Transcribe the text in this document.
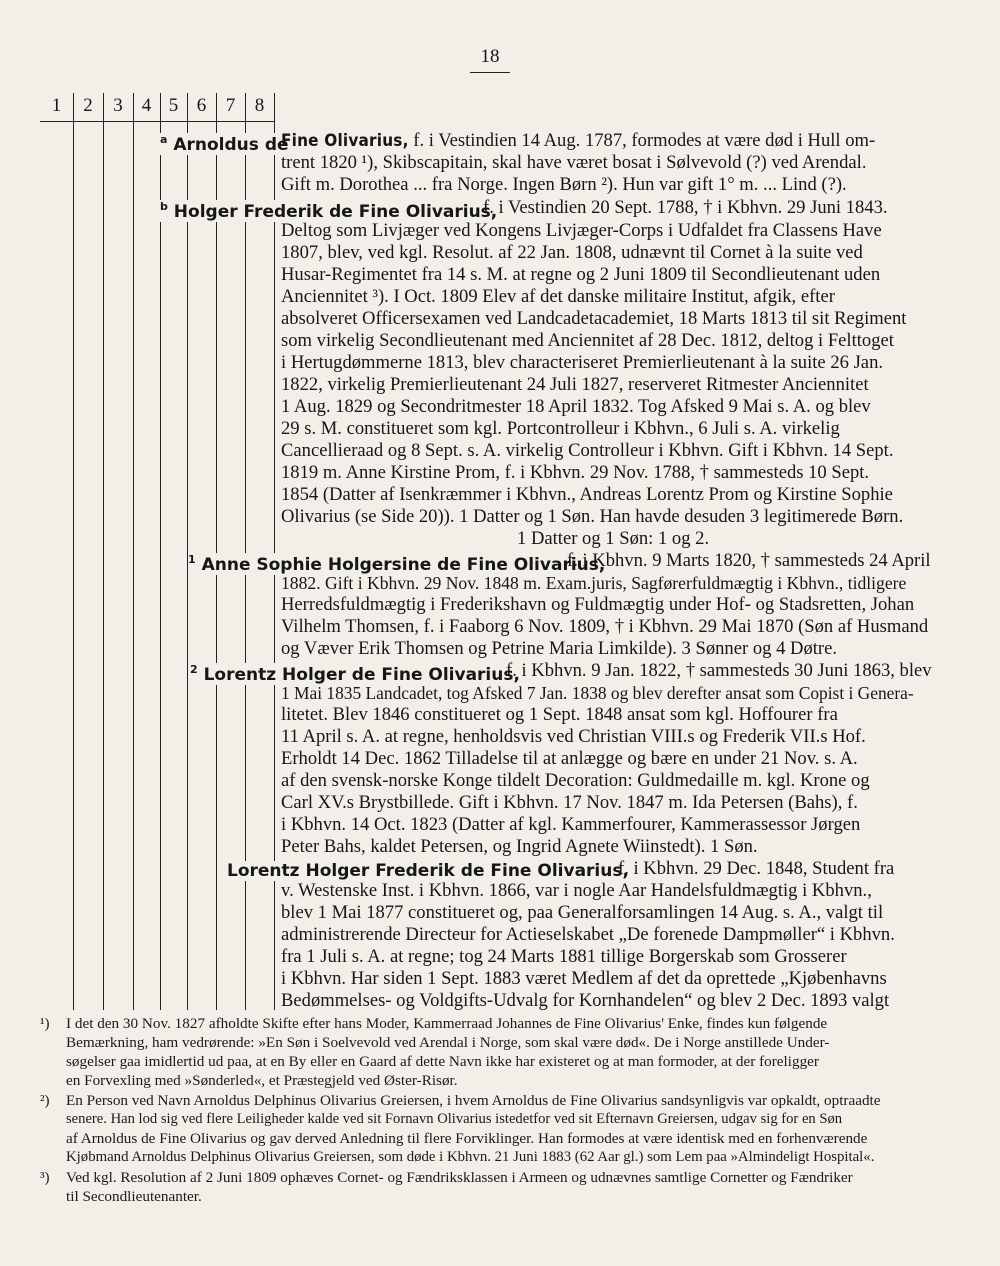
18
1	2	3	4 5 6	7	8
$^a$ Arnoldus de
Fine Olivarius, f. i Vestindien 14 Aug. 1787, formodes at være død i Hull om-
trent 1820 ¹), Skibscapitain, skal have været bosat i Sølvevold (?) ved Arendal.
Gift m. Dorothea ... fra Norge. Ingen Børn ²). Hun var gift 1° m. ... Lind (?).
$^b$ Holger Frederik de Fine Olivarius,
f. i Vestindien 20 Sept. 1788, † i Kbhvn. 29 Juni 1843.
Deltog som Livjæger ved Kongens Livjæger-Corps i Udfaldet fra Classens Have
1807, blev, ved kgl. Resolut. af 22 Jan. 1808, udnævnt til Cornet à la suite ved
Husar-Regimentet fra 14 s. M. at regne og 2 Juni 1809 til Secondlieutenant uden
Anciennitet ³). I Oct. 1809 Elev af det danske militaire Institut, afgik, efter
absolveret Officersexamen ved Landcadetacademiet, 18 Marts 1813 til sit Regiment
som virkelig Secondlieutenant med Anciennitet af 28 Dec. 1812, deltog i Felttoget
i Hertugdømmerne 1813, blev characteriseret Premierlieutenant à la suite 26 Jan.
1822, virkelig Premierlieutenant 24 Juli 1827, reserveret Ritmester Anciennitet
1 Aug. 1829 og Secondritmester 18 April 1832. Tog Afsked 9 Mai s. A. og blev
29 s. M. constitueret som kgl. Portcontrolleur i Kbhvn., 6 Juli s. A. virkelig
Cancellieraad og 8 Sept. s. A. virkelig Controlleur i Kbhvn. Gift i Kbhvn. 14 Sept.
1819 m. Anne Kirstine Prom, f. i Kbhvn. 29 Nov. 1788, † sammesteds 10 Sept.
1854 (Datter af Isenkræmmer i Kbhvn., Andreas Lorentz Prom og Kirstine Sophie
Olivarius (se Side 20)). 1 Datter og 1 Søn. Han havde desuden 3 legitimerede Børn.
1 Datter og 1 Søn: 1 og 2.
$^1$ Anne Sophie Holgersine de Fine Olivarius,
f. i Kbhvn. 9 Marts 1820, † sammesteds 24 April
1882. Gift i Kbhvn. 29 Nov. 1848 m. Exam.juris, Sagførerfuldmægtig i Kbhvn., tidligere
Herredsfuldmægtig i Frederikshavn og Fuldmægtig under Hof- og Stadsretten, Johan
Vilhelm Thomsen, f. i Faaborg 6 Nov. 1809, † i Kbhvn. 29 Mai 1870 (Søn af Husmand
og Væver Erik Thomsen og Petrine Maria Limkilde). 3 Sønner og 4 Døtre.
$^2$ Lorentz Holger de Fine Olivarius,
f. i Kbhvn. 9 Jan. 1822, † sammesteds 30 Juni 1863, blev
1 Mai 1835 Landcadet, tog Afsked 7 Jan. 1838 og blev derefter ansat som Copist i Genera-
litetet. Blev 1846 constitueret og 1 Sept. 1848 ansat som kgl. Hoffourer fra
11 April s. A. at regne, henholdsvis ved Christian VIII.s og Frederik VII.s Hof.
Erholdt 14 Dec. 1862 Tilladelse til at anlægge og bære en under 21 Nov. s. A.
af den svensk-norske Konge tildelt Decoration: Guldmedaille m. kgl. Krone og
Carl XV.s Brystbillede. Gift i Kbhvn. 17 Nov. 1847 m. Ida Petersen (Bahs), f.
i Kbhvn. 14 Oct. 1823 (Datter af kgl. Kammerfourer, Kammerassessor Jørgen
Peter Bahs, kaldet Petersen, og Ingrid Agnete Wiinstedt). 1 Søn.
Lorentz Holger Frederik de Fine Olivarius,
f. i Kbhvn. 29 Dec. 1848, Student fra
v. Westenske Inst. i Kbhvn. 1866, var i nogle Aar Handelsfuldmægtig i Kbhvn.,
blev 1 Mai 1877 constitueret og, paa Generalforsamlingen 14 Aug. s. A., valgt til
administrerende Directeur for Actieselskabet „De forenede Dampmøller“ i Kbhvn.
fra 1 Juli s. A. at regne; tog 24 Marts 1881 tillige Borgerskab som Grosserer
i Kbhvn. Har siden 1 Sept. 1883 været Medlem af det da oprettede „Kjøbenhavns
Bedømmelses- og Voldgifts-Udvalg for Kornhandelen“ og blev 2 Dec. 1893 valgt
¹) I det den 30 Nov. 1827 afholdte Skifte efter hans Moder, Kammerraad Johannes de Fine Olivarius' Enke, findes kun følgende
Bemærkning, ham vedrørende: »En Søn i Soelvevold ved Arendal i Norge, som skal være død«. De i Norge anstillede Under-
søgelser gaa imidlertid ud paa, at en By eller en Gaard af dette Navn ikke har existeret og at man formoder, at der foreligger
en Forvexling med »Sønderled«, et Præstegjeld ved Øster-Risør.
²) En Person ved Navn Arnoldus Delphinus Olivarius Greiersen, i hvem Arnoldus de Fine Olivarius sandsynligvis var opkaldt, optraadte
senere. Han lod sig ved flere Leiligheder kalde ved sit Fornavn Olivarius istedetfor ved sit Efternavn Greiersen, udgav sig for en Søn
af Arnoldus de Fine Olivarius og gav derved Anledning til flere Forviklinger. Han formodes at være identisk med en forhenværende
Kjøbmand Arnoldus Delphinus Olivarius Greiersen, som døde i Kbhvn. 21 Juni 1883 (62 Aar gl.) som Lem paa »Almindeligt Hospital«.
³) Ved kgl. Resolution af 2 Juni 1809 ophæves Cornet- og Fændriksklassen i Armeen og udnævnes samtlige Cornetter og Fændriker
til Secondlieutenanter.
